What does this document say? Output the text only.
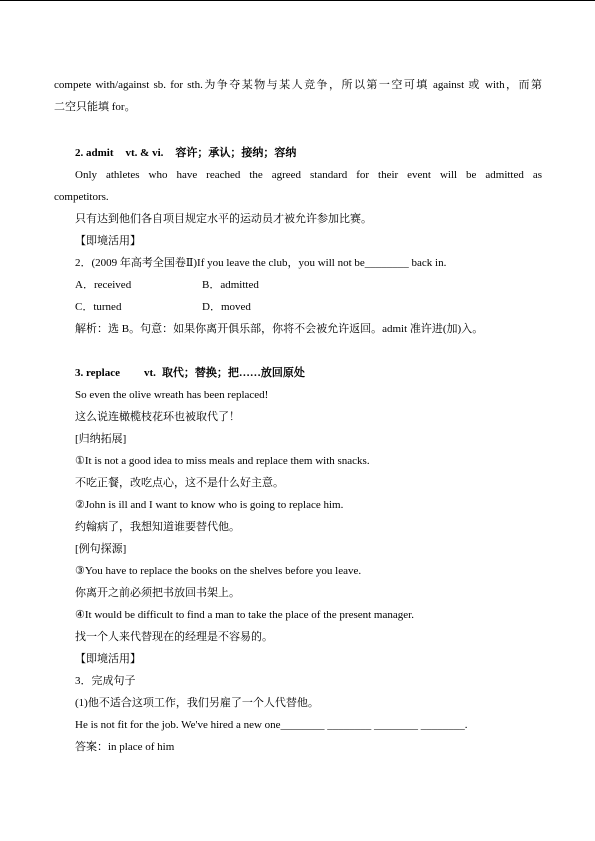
compete with/against sb. for sth.为争夺某物与某人竞争，所以第一空可填 against 或 with，而第
二空只能填 for。
2. admit vt. & vi. 容许；承认；接纳；容纳
Only athletes who have reached the agreed standard for their event will be admitted as
competitors.
只有达到他们各自项目规定水平的运动员才被允许参加比赛。
【即境活用】
2．(2009 年高考全国卷Ⅱ)If you leave the club，you will not be________ back in.
A．received	B．admitted
C．turned	D．moved
解析：选 B。句意：如果你离开俱乐部，你将不会被允许返回。admit 准许进(加)入。
3. replace vt. 取代；替换；把……放回原处
So even the olive wreath has been replaced!
这么说连橄榄枝花环也被取代了！
[归纳拓展]
①It is not a good idea to miss meals and replace them with snacks.
不吃正餐，改吃点心，这不是什么好主意。
②John is ill and I want to know who is going to replace him.
约翰病了，我想知道谁要替代他。
[例句探源]
③You have to replace the books on the shelves before you leave.
你离开之前必须把书放回书架上。
④It would be difficult to find a man to take the place of the present manager.
找一个人来代替现在的经理是不容易的。
【即境活用】
3．完成句子
(1)他不适合这项工作，我们另雇了一个人代替他。
He is not fit for the job. We've hired a new one________ ________ ________ ________.
答案：in place of him
